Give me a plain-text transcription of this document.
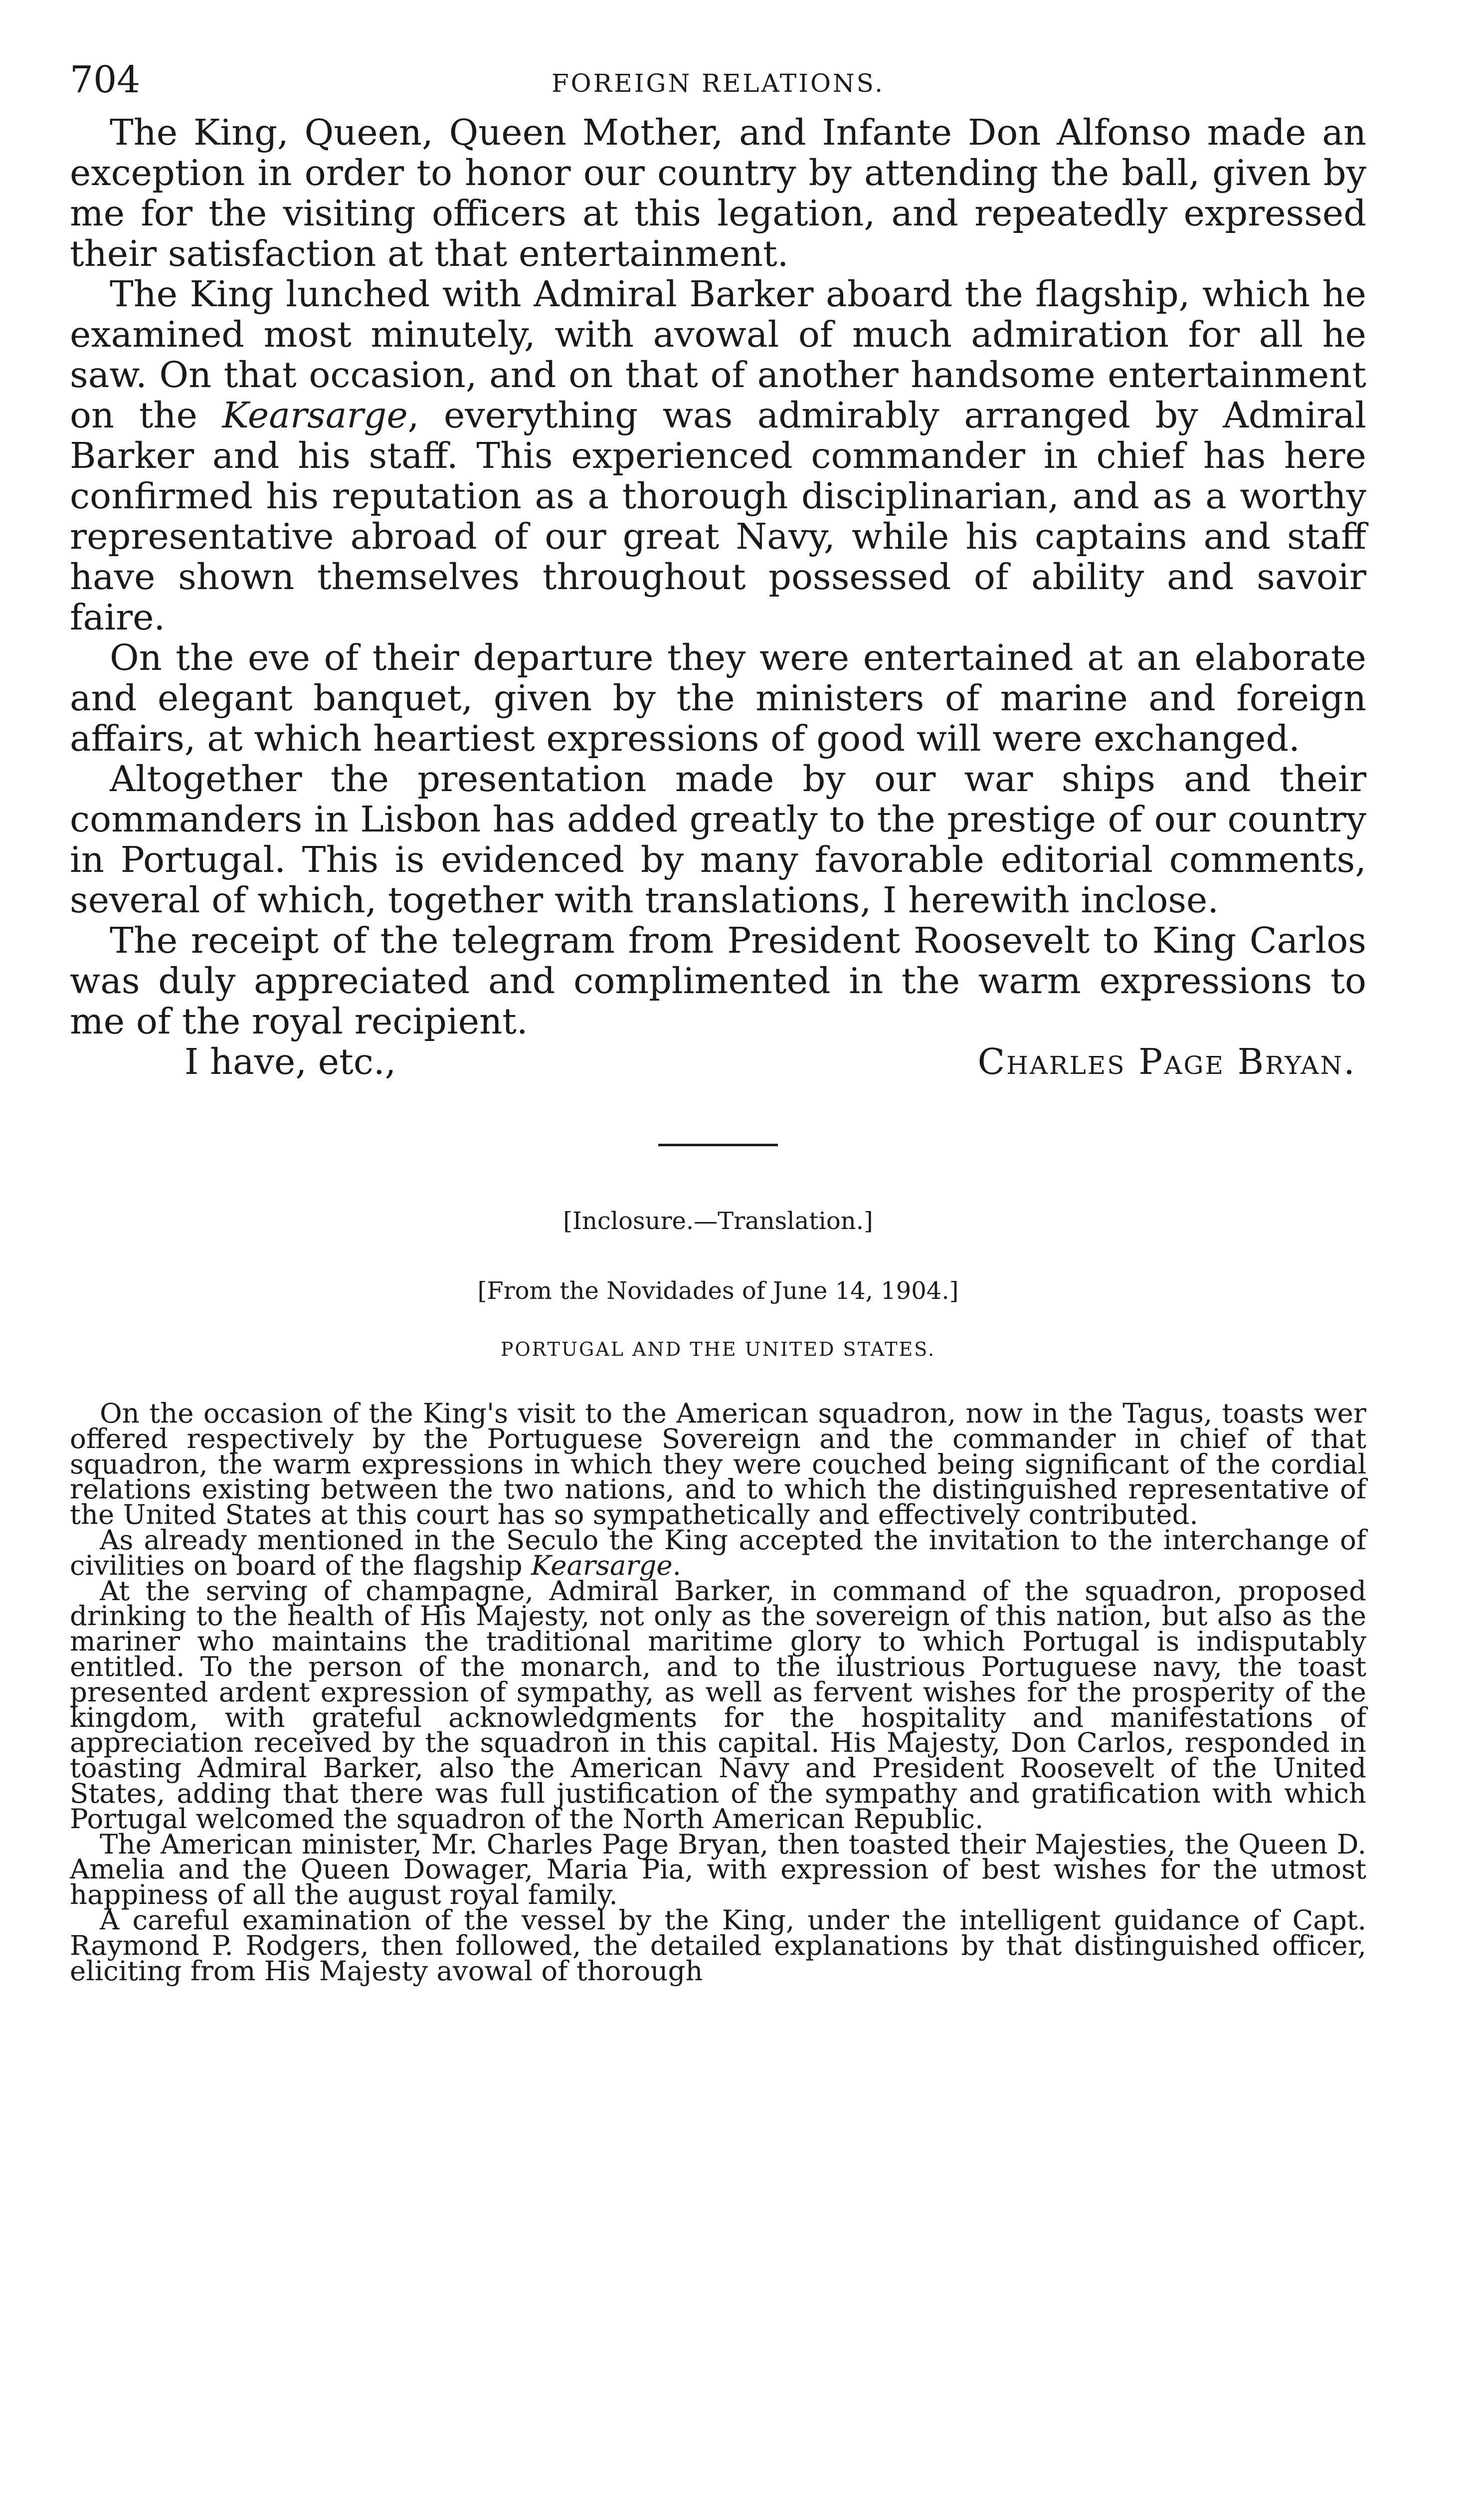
704	FOREIGN RELATIONS.

The King, Queen, Queen Mother, and Infante Don Alfonso made an exception in order to honor our country by attending the ball, given by me for the visiting officers at this legation, and repeatedly expressed their satisfaction at that entertainment.

The King lunched with Admiral Barker aboard the flagship, which he examined most minutely, with avowal of much admiration for all he saw. On that occasion, and on that of another handsome entertainment on the Kearsarge, everything was admirably arranged by Admiral Barker and his staff. This experienced commander in chief has here confirmed his reputation as a thorough disciplinarian, and as a worthy representative abroad of our great Navy, while his captains and staff have shown themselves throughout possessed of ability and savoir faire.

On the eve of their departure they were entertained at an elaborate and elegant banquet, given by the ministers of marine and foreign affairs, at which heartiest expressions of good will were exchanged.

Altogether the presentation made by our war ships and their commanders in Lisbon has added greatly to the prestige of our country in Portugal. This is evidenced by many favorable editorial comments, several of which, together with translations, I herewith inclose.

The receipt of the telegram from President Roosevelt to King Carlos was duly appreciated and complimented in the warm expressions to me of the royal recipient.

I have, etc.,	Charles Page Bryan.
[Inclosure.—Translation.]
[From the Novidades of June 14, 1904.]
PORTUGAL AND THE UNITED STATES.

On the occasion of the King's visit to the American squadron, now in the Tagus, toasts wer offered respectively by the Portuguese Sovereign and the commander in chief of that squadron, the warm expressions in which they were couched being significant of the cordial relations existing between the two nations, and to which the distinguished representative of the United States at this court has so sympathetically and effectively contributed.

As already mentioned in the Seculo the King accepted the invitation to the interchange of civilities on board of the flagship Kearsarge.

At the serving of champagne, Admiral Barker, in command of the squadron, proposed drinking to the health of His Majesty, not only as the sovereign of this nation, but also as the mariner who maintains the traditional maritime glory to which Portugal is indisputably entitled. To the person of the monarch, and to the ilustrious Portuguese navy, the toast presented ardent expression of sympathy, as well as fervent wishes for the prosperity of the kingdom, with grateful acknowledgments for the hospitality and manifestations of appreciation received by the squadron in this capital. His Majesty, Don Carlos, responded in toasting Admiral Barker, also the American Navy and President Roosevelt of the United States, adding that there was full justification of the sympathy and gratification with which Portugal welcomed the squadron of the North American Republic.

The American minister, Mr. Charles Page Bryan, then toasted their Majesties, the Queen D. Amelia and the Queen Dowager, Maria Pia, with expression of best wishes for the utmost happiness of all the august royal family.

A careful examination of the vessel by the King, under the intelligent guidance of Capt. Raymond P. Rodgers, then followed, the detailed explanations by that distinguished officer, eliciting from His Majesty avowal of thorough
